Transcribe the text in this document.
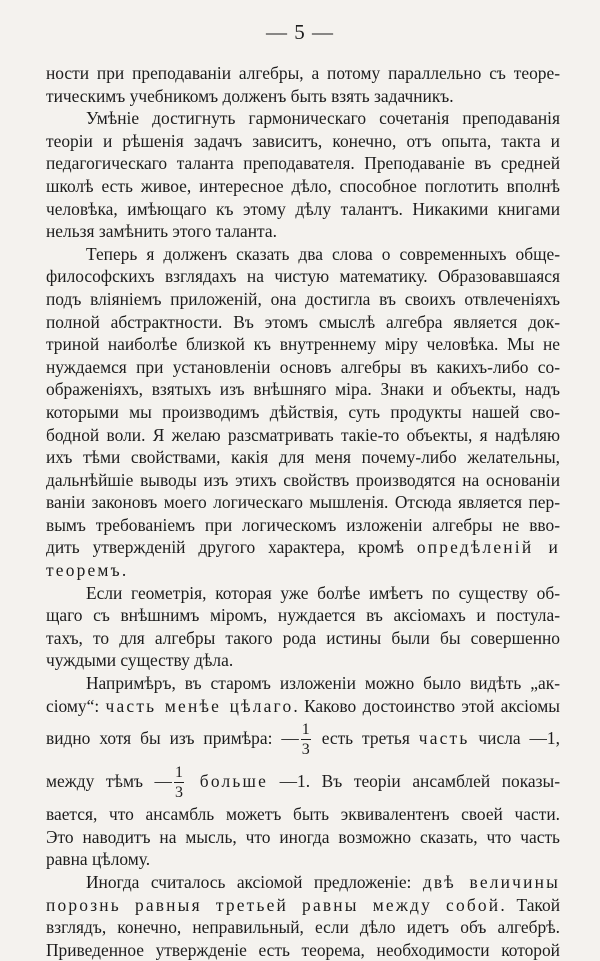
— 5 —
ности при преподаваніи алгебры, а потому параллельно съ теоре-
тическимъ учебникомъ долженъ быть взять задачникъ.
Умѣніе достигнуть гармоническаго сочетанія преподаванія
теоріи и рѣшенія задачъ зависитъ, конечно, отъ опыта, такта и
педагогическаго таланта преподавателя. Преподаваніе въ средней
школѣ есть живое, интересное дѣло, способное поглотить вполнѣ
человѣка, имѣющаго къ этому дѣлу талантъ. Никакими книгами
нельзя замѣнить этого таланта.
Теперь я долженъ сказать два слова о современныхъ обще-
философскихъ взглядахъ на чистую математику. Образовавшаяся
подъ вліяніемъ приложеній, она достигла въ своихъ отвлеченіяхъ
полной абстрактности. Въ этомъ смыслѣ алгебра является док-
триной наиболѣе близкой къ внутреннему міру человѣка. Мы не
нуждаемся при установленіи основъ алгебры въ какихъ-либо со-
ображеніяхъ, взятыхъ изъ внѣшняго міра. Знаки и объекты, надъ
которыми мы производимъ дѣйствія, суть продукты нашей сво-
бодной воли. Я желаю разсматривать такіе-то объекты, я надѣляю
ихъ тѣми свойствами, какія для меня почему-либо желательны,
дальнѣйшіе выводы изъ этихъ свойствъ производятся на основаніи
ваніи законовъ моего логическаго мышленія. Отсюда является пер-
вымъ требованіемъ при логическомъ изложеніи алгебры не вво-
дить утвержденій другого характера, кромѣ опредѣленій и
теоремъ.
Если геометрія, которая уже болѣе имѣетъ по существу об-
щаго съ внѣшнимъ міромъ, нуждается въ аксіомахъ и постула-
тахъ, то для алгебры такого рода истины были бы совершенно
чуждыми существу дѣла.
Напримѣръ, въ старомъ изложеніи можно было видѣть „ак-
сіому“: часть менѣе цѣлаго. Каково достоинство этой аксіомы
видно хотя бы изъ примѣра: — $\frac{1}{3}$ есть третья часть числа —1,
между тѣмъ — $\frac{1}{3}$ больше —1. Въ теоріи ансамблей показы-
вается, что ансамбль можетъ быть эквивалентенъ своей части.
Это наводитъ на мысль, что иногда возможно сказать, что часть
равна цѣлому.
Иногда считалось аксіомой предложеніе: двѣ величины
порознь равныя третьей равны между собой. Такой
взглядъ, конечно, неправильный, если дѣло идетъ объ алгебрѣ.
Приведенное утвержденіе есть теорема, необходимости которой
